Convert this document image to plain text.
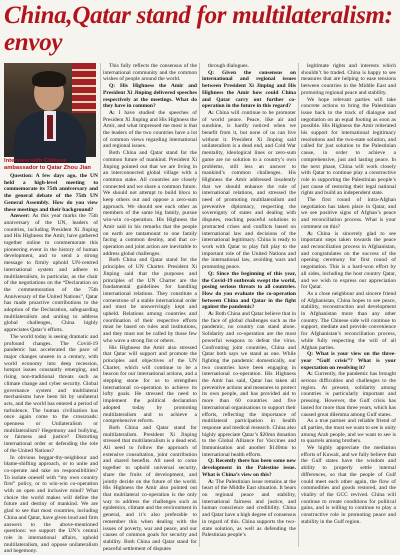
China,Qatar stand for multilateralism: envoy
Interview with Chinese ambassador to Qatar Zhou Jian

Question: A few days ago, the UN held a high-level meeting to commemorate its 75th anniversary and the general debate of the 75th UN General Assembly. How do you view these meetings and their background?

Answer: As this year marks the 75th anniversary of the UN, leaders of countries, including President Xi Jinping and His Highness the Amir, have gathered together online to commemorate this pioneering event in the history of human development, and to send a strong message to firmly uphold UN-centred international system and adhere to multilateralism, in particular, as the chair of the negotiations on the “Declaration on the commemoration of the 75th Anniversary of the United Nations”, Qatar has made proactive contributions to the adoption of the Declaration, safeguarding multilateralism and uniting to address global challenges, China highly appreciates Qatar’s efforts.

The world today is seeing dramatic and profound changes. The Covid-19 pandemic has accelerated the pace of major changes unseen in a century, with world economy into deep recession, hotspot issues constantly emerging, and rising non-traditional threats such as climate change and cyber security. Global governance system and multilateral mechanisms have been hit by unilateral acts, and the world has entered a period of turbulence. The human civilisation has once again come to the crossroads: openness or Unilateralism or multilateralism? Hegemony and bullying, or fairness and justice? Distorting international order or defending the role of the United Nations?

In obvious beggar-thy-neighbour and blame-shifting approach, or to unite and co-operate and take on responsibilities? To isolate oneself with “my own country first” policy, or to win-win co-operation with an open and inclusive mind? What choice the world makes will define the future and destiny of mankind. We are glad to see that most countries, including China and Qatar, have given loud and firm answers to the above-mentioned questions: we support the UN’s central role in international affairs, uphold multilateralism, and oppose unilateralism and hegemony.

This fully reflects the consensus of the international community and the common wishes of people around the world.

Q: His Highness the Amir and President Xi Jinping delivered speeches respectively at the meetings. What do they have in common?

A: I have studied the speeches of President Xi Jinping and His Highness the Amir, and what impressed me most is that the leaders of the two countries have a lot of common views regarding international and regional issues.

Both China and Qatar stand for the common future of mankind. President Xi Jinping pointed out that we are living in an interconnected global village with a common stake. All countries are closely connected and we share a common future. We should not attempt to build blocs to keep others out and oppose a zero-sum approach. We should see each other as members of the same big family, pursue win-win co-operation. His Highness the Amir said in his remarks that the people on earth are tantamount to one family facing a common destiny, and that co-operation and joint action are inevitable to address global challenges.

Both China and Qatar stand for the principles of UN Charter. President Xi Jinping said that the purposes and principles of the UN Charter are the fundamental guidelines for handling international relations. They constitute a cornerstone of a stable international order and must be unswervingly kept and upheld. Relations among countries and coordination of their respective efforts must be based on rules and institutions, and they must not be called by those few who wave a strong fist or others.

His Highness the Amir also stressed that Qatar will support and promote the principles and objectives of the UN Charter, which will continue to be a beacon for our international actions, and a stepping stone for us to strengthen international co-operation to achieve its lofty goals. He stressed the need to implement the political declaration adopted today by promoting multilateralism and to achieve a comprehensive reform.

Both China and Qatar stand for multilateralism. President Xi Jinping stressed that multilateralism is a dead end. All need to follow the approach of extensive consultation, joint contribution and shared benefits. All need to come together to uphold universal security, share the fruits of development, and jointly decide on the future of the world. His Highness the Amir also pointed out that multilateral co-operation is the only way to address the challenges such as epidemics, climate and the environment in general, and it’s also preferable to remember this when dealing with the issues of poverty, war and peace, and our causes of common goals for security and stability. Both China and Qatar stand for peaceful settlement of disputes

through dialogues.

Q: Given the consensus on international and regional issues between President Xi Jinping and His Highness the Amir how could China and Qatar carry out further co-operation in the future in this regard?

A: China will continue to be promoter of world peace. Peace, like air and sunshine, is hardly noticed when we benefit from it, but none of us can live without it. President Xi Jinping said unilateralism is a dead end, and Cold War mentality, ideological lines or zero-sum game are no solution to a country’s own problems, still less an answer to mankind’s common challenges. His Highness the Amir addressed insolently that we should enhance the rule of international relations, and stressed the need of promoting multilateralism and preventive diplomacy, respecting the sovereignty of states and dealing with disputes, reaching peaceful solutions to protracted crises and conflicts based on international law and decisions of the international legitimacy. China is ready to work with Qatar to play full play to the important role of the United Nations and the international law, avoiding wars and promoting peace.

Q: Since the beginning of this year, the Covid-19 outbreak swept the world, posing serious threats to all countries. How do you evaluate the co-operation between China and Qatar in the fight against the pandemic?

A: Both China and Qatar believe that in the face of global challenges such as the pandemic, no country can stand alone. Solidarity and co-operation are the most powerful weapons to defeat the virus. Confronting joint countries, China and Qatar both says we stand as one. While fighting the pandemic domestically, our two countries have been engaging in international co-operation. His Highness the Amir has said, Qatar has taken all preventive actions and measures to protect its own people, and has provided aid to more than 60 countries and five international organisations to support their efforts, reflecting the importance of multilateral participation in health response and medical research. China also highly appreciate Qatar’s $20mn donation to the Global Alliance for Vaccines and Immunisation and another $140mn to international health efforts.

Q: Recently there has been some new development in the Palestine issue. What is China’s view on this?

A: The Palestinian issue remains at the heart of the Middle East situation. It bears on regional peace and stability, international fairness and justice, and human conscience and credibility. China and Qatar have a high degree of consensus in regard of this. China supports the two-state solution, as well as defending the Palestinian people’s

legitimate rights and interests which shouldn’t be traded. China is happy to see measures that are helping to ease tensions between countries in the Middle East and promoting regional peace and stability.

We hope relevant parties will take concrete actions to bring the Palestinian issue back to the track of dialogue and negotiation on an equal footing as soon as possible. His Highness the Amir reiterated his support for international legitimacy resolutions and the two-state solution, and called for just solution to the Palestinian cause, in order to achieve a comprehensive, just and lasting peace. In the next phase, China will work closely with Qatar to continue play a constructive role in supporting the Palestinian people’s just cause of restoring their legal national rights and build an independent state.

The first round of intra-Afghan negotiation has taken place in Qatar, and we see positive signs of Afghan’s peace and reconciliation process. What is your comment on this?

A: China is sincerely glad to see important steps taken towards the peace and reconciliation process in Afghanistan, and congratulates on the success of the opening ceremony for first round of negotiation. This is a hard-won effort by all sides, including the host country Qatar, and we wish to express our appreciation for Qatar.

As a close neighbour and sincere friend of Afghanistan, China hopes to see peace, stability, reconstruction and development in Afghanistan more than any other country. The Chinese side will continue to support, mediate and provide convenience for Afghanistan’s reconciliation process, while fully respecting the will of all Afghan parties.

Q: What is your view on the three-year “Gulf crisis”? What is your expectation on resolving it?

A: Currently, the pandemic has brought serious difficulties and challenges to the region. At present, solidarity among countries is particularly important and pressing. However, the Gulf crisis has lasted for more than three years, which has caused great dilemma among Gulf states.

As a true partner and reliable friend of all parties, the most we want to see is unity among Arab people, and we want to see is to quarrels among brothers.

We highly appreciate the mediation efforts of Kuwait, and we fully believe that the Gulf states have the wisdom and ability to properly settle internal differences, so that the people of Gulf could meet each other again, the flow of commodities and goods restored, and the vitality of the GCC revived. China will continue to create conditions for political gains, and is willing to continue to play a constructive role in promoting peace and stability in the Gulf region.
